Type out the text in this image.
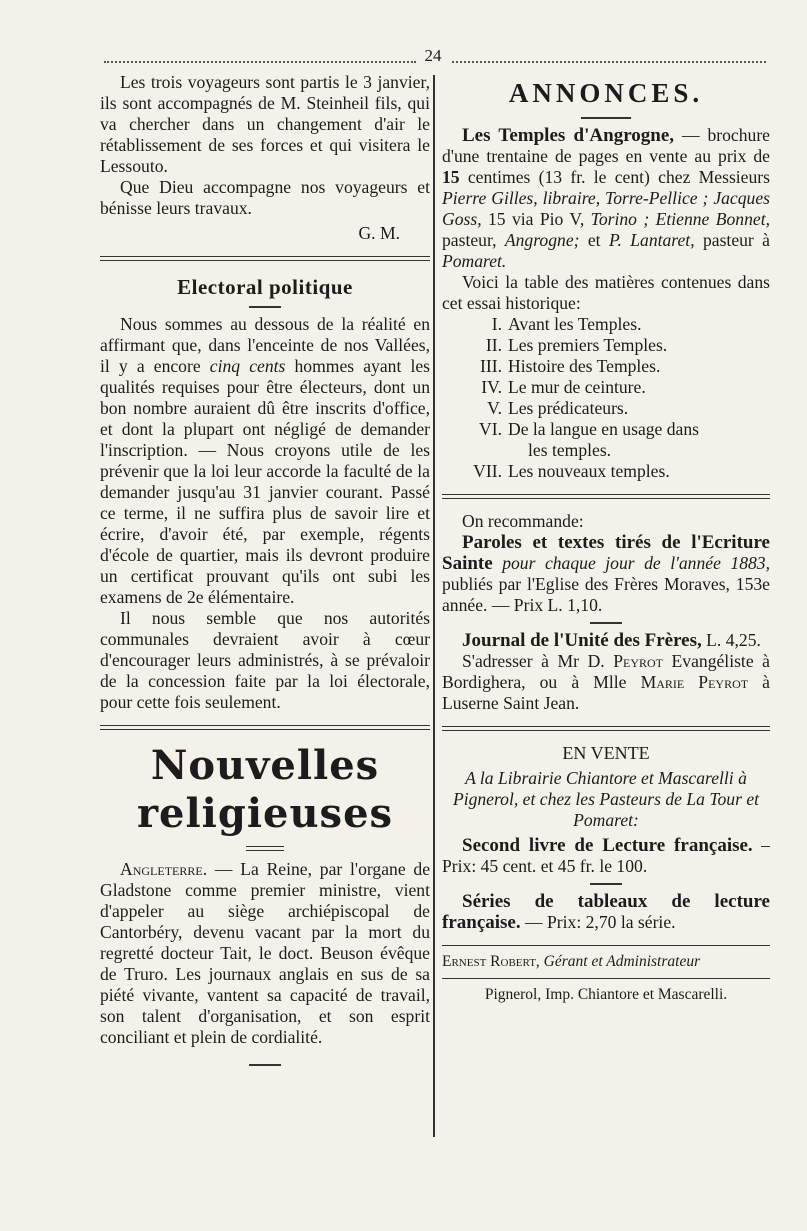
24

Les trois voyageurs sont partis le 3 janvier, ils sont accompagnés de M. Steinheil fils, qui va chercher dans un changement d'air le rétablissement de ses forces et qui visitera le Lessouto.

Que Dieu accompagne nos voyageurs et bénisse leurs travaux.

G. M.

Electoral politique

Nous sommes au dessous de la réalité en affirmant que, dans l'enceinte de nos Vallées, il y a encore cinq cents hommes ayant les qualités requises pour être électeurs, dont un bon nombre auraient dû être inscrits d'office, et dont la plupart ont négligé de demander l'inscription. — Nous croyons utile de les prévenir que la loi leur accorde la faculté de la demander jusqu'au 31 janvier courant. Passé ce terme, il ne suffira plus de savoir lire et écrire, d'avoir été, par exemple, régents d'école de quartier, mais ils devront produire un certificat prouvant qu'ils ont subi les examens de 2e élémentaire.

Il nous semble que nos autorités communales devraient avoir à cœur d'encourager leurs administrés, à se prévaloir de la concession faite par la loi électorale, pour cette fois seulement.

Nouvelles religieuses

Angleterre. — La Reine, par l'organe de Gladstone comme premier ministre, vient d'appeler au siège archiépiscopal de Cantorbéry, devenu vacant par la mort du regretté docteur Tait, le doct. Beuson évêque de Truro. Les journaux anglais en sus de sa piété vivante, vantent sa capacité de travail, son talent d'organisation, et son esprit conciliant et plein de cordialité.

ANNONCES.

Les Temples d'Angrogne, — brochure d'une trentaine de pages en vente au prix de 15 centimes (13 fr. le cent) chez Messieurs Pierre Gilles, libraire, Torre-Pellice ; Jacques Goss, 15 via Pio V, Torino ; Etienne Bonnet, pasteur, Angrogne; et P. Lantaret, pasteur à Pomaret.

Voici la table des matières contenues dans cet essai historique:

I. Avant les Temples.
II. Les premiers Temples.
III. Histoire des Temples.
IV. Le mur de ceinture.
V. Les prédicateurs.
VI. De la langue en usage dans
les temples.
VII. Les nouveaux temples.

On recommande:

Paroles et textes tirés de l'Ecriture Sainte pour chaque jour de l'année 1883, publiés par l'Eglise des Frères Moraves, 153e année. — Prix L. 1,10.

Journal de l'Unité des Frères, L. 4,25.

S'adresser à Mr D. Peyrot Evangéliste à Bordighera, ou à Mlle Marie Peyrot à Luserne Saint Jean.

EN VENTE

A la Librairie Chiantore et Mascarelli à Pignerol, et chez les Pasteurs de La Tour et Pomaret:

Second livre de Lecture française. – Prix: 45 cent. et 45 fr. le 100.

Séries de tableaux de lecture française. — Prix: 2,70 la série.

Ernest Robert, Gérant et Administrateur

Pignerol, Imp. Chiantore et Mascarelli.
